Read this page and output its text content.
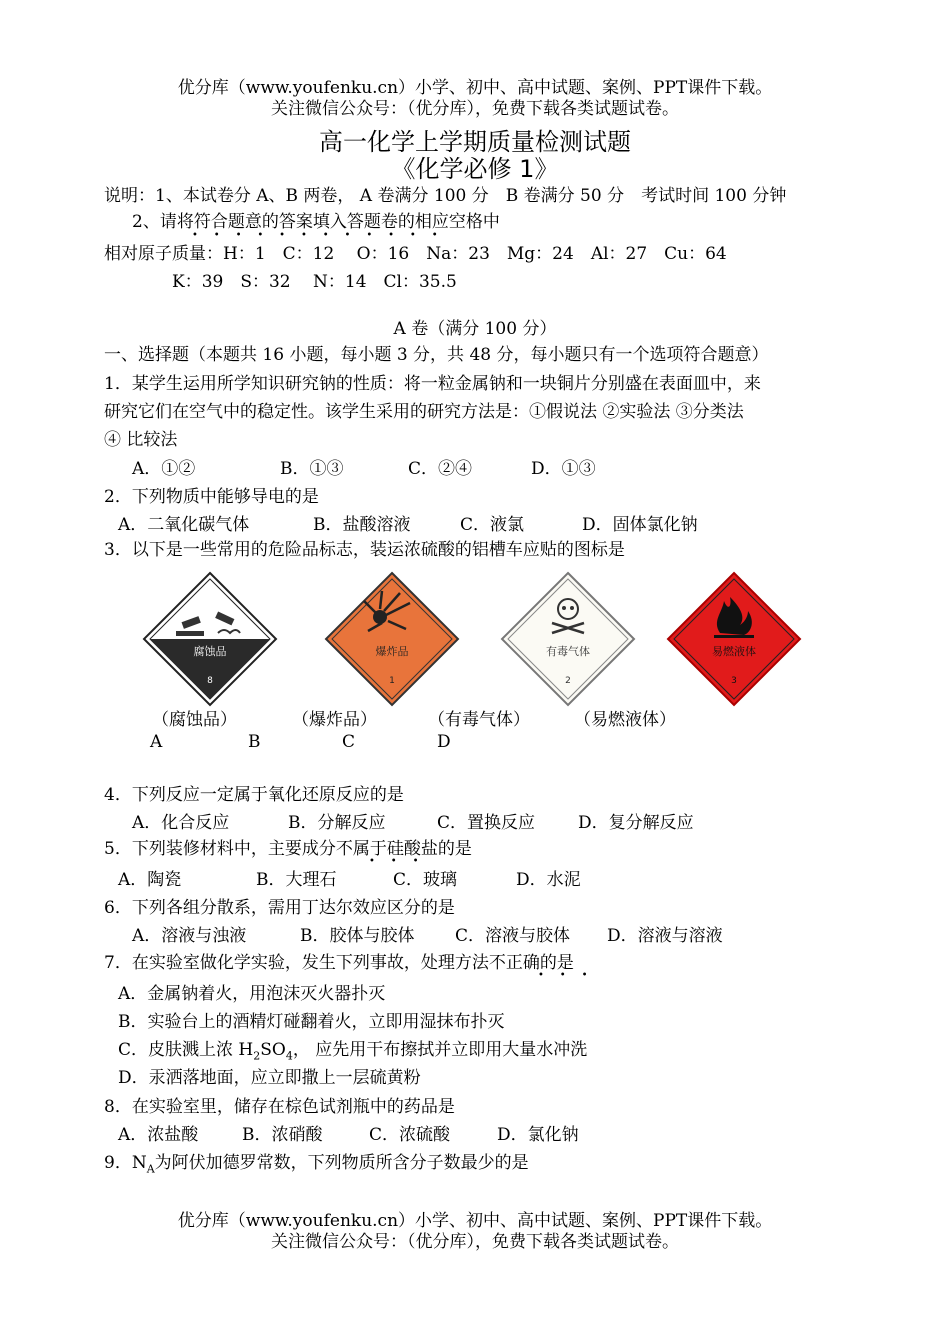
优分库（www.youfenku.cn）小学、初中、高中试题、案例、PPT课件下载。
关注微信公众号：（优分库），免费下载各类试题试卷。
高一化学上学期质量检测试题
《化学必修 1》
说明：1、本试卷分 A、B 两卷， A 卷满分 100 分　B 卷满分 50 分　考试时间 100 分钟
2、请将符合题意的答案填入答题卷的相应空格中
•     •     •     •     •     •     •     •     •     •     •     •
相对原子质量：H：1　C：12　 O：16　Na：23　Mg：24　Al：27　Cu：64
K：39　S：32　 N：14　Cl：35.5
A 卷（满分 100 分）
一、选择题（本题共 16 小题，每小题 3 分，共 48 分，每小题只有一个选项符合题意）
1．某学生运用所学知识研究钠的性质：将一粒金属钠和一块铜片分别盛在表面皿中，来
研究它们在空气中的稳定性。该学生采用的研究方法是：①假说法 ②实验法 ③分类法
④ 比较法
A．①②	B．①③	C．②④	D．①③
2．下列物质中能够导电的是
A．二氧化碳气体	B．盐酸溶液	C．液氯	D．固体氯化钠
3．以下是一些常用的危险品标志，装运浓硫酸的铝槽车应贴的图标是
腐蚀品
8
爆炸品
1
有毒气体
2
易燃液体
3
（腐蚀品）	（爆炸品）	（有毒气体）	（易燃液体）
A	B	C	D
4．下列反应一定属于氧化还原反应的是
A．化合反应	B．分解反应	C．置换反应	D．复分解反应
5．下列装修材料中，主要成分不属于硅酸盐的是
•     •     •
A．陶瓷	B．大理石	C．玻璃	D．水泥
6．下列各组分散系，需用丁达尔效应区分的是
A．溶液与浊液	B．胶体与胶体 C．溶液与胶体 D．溶液与溶液
7．在实验室做化学实验，发生下列事故，处理方法不正确的是
•     •     •
A．金属钠着火，用泡沫灭火器扑灭
B．实验台上的酒精灯碰翻着火，立即用湿抹布扑灭
C．皮肤溅上浓 $H_2SO_4$， 应先用干布擦拭并立即用大量水冲洗
D．汞洒落地面，应立即撒上一层硫黄粉
8．在实验室里，储存在棕色试剂瓶中的药品是
A．浓盐酸	B．浓硝酸	C．浓硫酸	D．氯化钠
9．$N_A$为阿伏加德罗常数，下列物质所含分子数最少的是
优分库（www.youfenku.cn）小学、初中、高中试题、案例、PPT课件下载。
关注微信公众号：（优分库），免费下载各类试题试卷。
